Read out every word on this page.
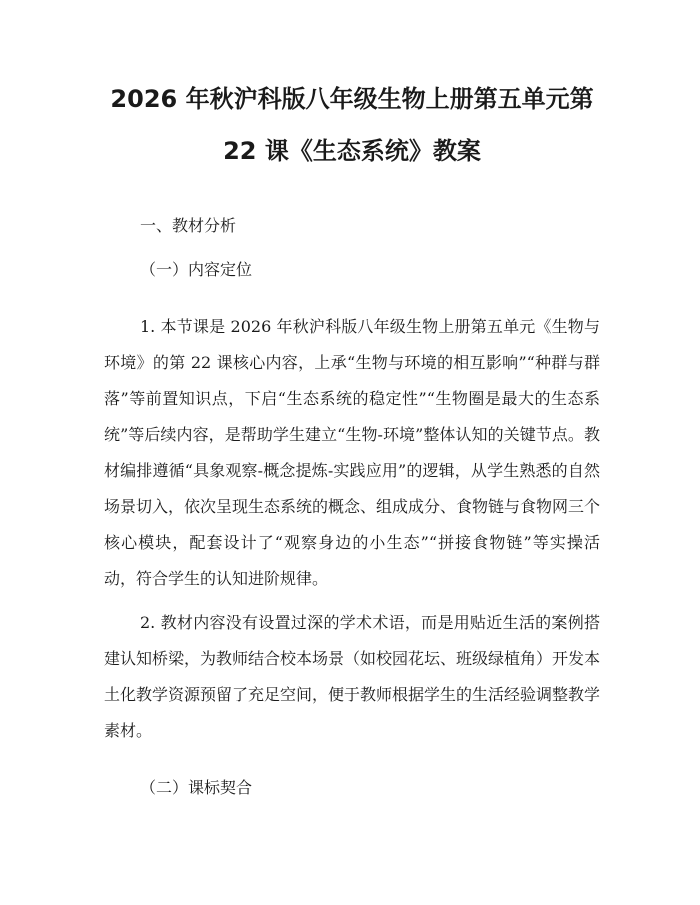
2026 年秋沪科版八年级生物上册第五单元第
22 课《生态系统》教案

一、教材分析

（一）内容定位

1. 本节课是 2026 年秋沪科版八年级生物上册第五单元《生物与环境》的第 22 课核心内容，上承“生物与环境的相互影响”“种群与群落”等前置知识点，下启“生态系统的稳定性”“生物圈是最大的生态系统”等后续内容，是帮助学生建立“生物-环境”整体认知的关键节点。教材编排遵循“具象观察-概念提炼-实践应用”的逻辑，从学生熟悉的自然场景切入，依次呈现生态系统的概念、组成成分、食物链与食物网三个核心模块，配套设计了“观察身边的小生态”“拼接食物链”等实操活动，符合学生的认知进阶规律。

2. 教材内容没有设置过深的学术术语，而是用贴近生活的案例搭建认知桥梁，为教师结合校本场景（如校园花坛、班级绿植角）开发本土化教学资源预留了充足空间，便于教师根据学生的生活经验调整教学素材。

（二）课标契合
